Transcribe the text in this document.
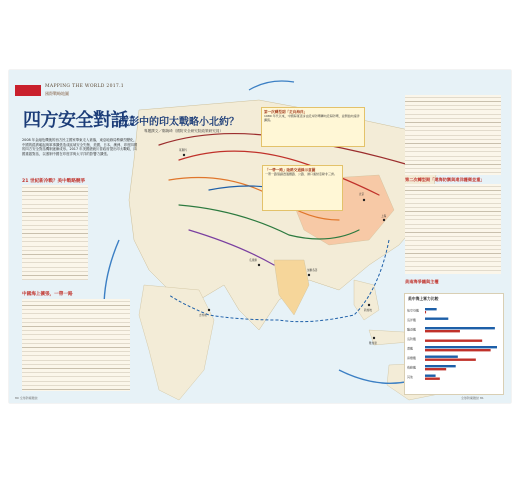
MAPPING THE WORLD 2017.1
國際戰略地圖
四方安全對話：
成形中的印太戰略小北約？
專題撰文／鄭婉琦（國防安全研究院政策研究員）
2008 年金融危機後的西方民主國家華東走入衰落，東亞地緣局勢劇烈變化，中國的經濟崛起與軍事擴張造成區域安全失衡，美國、日本、澳洲、印度四國的四方安全對話機制逐漸成形。2017 年美國總統川普政府提出印太戰略，四國重啟對話，以遏制中國在印度洋與太平洋的影響力擴張。
21 世紀新冷戰？美中戰略競爭
中國海上擴張，一帶一路
第一次轉型期「走向海洋」
1980 年代以來，中國海軍逐步由近岸防禦轉向近海防禦，並開始向遠洋擴張。
「一帶一路」陸路交通線示意圖
一帶一路倡議透過鐵路、公路、港口連結亞歐非三洲。
第二次轉型期「遠海防禦與遠洋護衛並重」
美南海爭議與主權
美中海上軍力比較
航空母艦
巡洋艦
驅逐艦
巡防艦
潛艦
兩棲艦
後勤艦
其他
莫斯科
北京
上海
新加坡
加爾各答
瓜達爾
吉布地
雅加達
80 全球防衛雜誌	全球防衛雜誌 81
